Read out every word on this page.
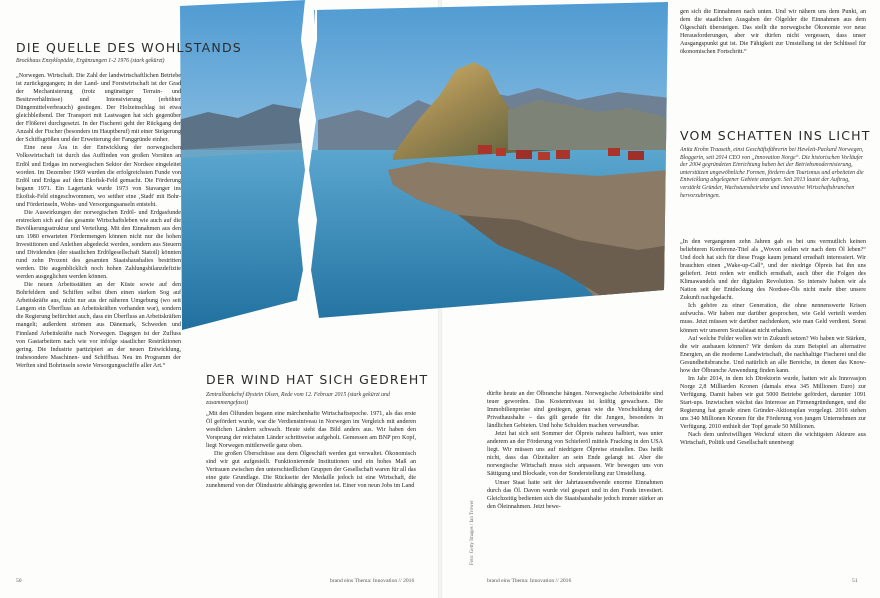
DIE QUELLE DES WOHLSTANDS
Brockhaus Enzyklopädie, Ergänzungen 1-2 1976 (stark gekürzt)

„Norwegen. Wirtschaft. Die Zahl der landwirtschaftlichen Betriebe ist zurückgegangen; in der Land- und Forstwirtschaft ist der Grad der Mechanisierung (trotz ungünstiger Terrain- und Besitzverhältnisse) und Intensivierung (erhöhter Düngemittelverbrauch) gestiegen. Der Holzeinschlag ist etwa gleichbleibend. Der Transport mit Lastwagen hat sich gegenüber der Flößerei durchgesetzt. In der Fischerei geht der Rückgang der Anzahl der Fischer (besonders im Hauptberuf) mit einer Steigerung der Schiffsgrößen und der Erweiterung der Fanggründe einher.

Eine neue Ära in der Entwicklung der norwegischen Volkswirtschaft ist durch das Auffinden von großen Vorräten an Erdöl und Erdgas im norwegischen Sektor der Nordsee eingeleitet worden. Im Dezember 1969 wurden die erfolgreichsten Funde von Erdöl und Erdgas auf dem Ekofisk-Feld gemacht. Die Förderung begann 1971. Ein Lagertank wurde 1973 von Stavanger ins Ekofisk-Feld eingeschwommen, wo seither eine ‚Stadt' mit Bohr- und Förderinseln, Wohn- und Versorgungsanseln entsteht.

Die Auswirkungen der norwegischen Erdöl- und Erdgasfunde erstrecken sich auf das gesamte Wirtschaftsleben wie auch auf die Bevölkerungsstruktur und Verteilung. Mit den Einnahmen aus den um 1980 erwarteten Fördermengen können nicht nur die hohen Investitionen und Anleihen abgedeckt werden, sondern aus Steuern und Dividenden (der staatlichen Erdölgesellschaft Statoil) könnten rund zehn Prozent des gesamten Staatshaushaltes bestritten werden. Die augenblicklich noch hohen Zahlungsbilanzdefizite werden ausgeglichen werden können.

Die neuen Arbeitsstätten an der Küste sowie auf den Bohrfeldern und Schiffen selbst üben einen starken Sog auf Arbeitskräfte aus, nicht nur aus der näheren Umgebung (wo seit Langem ein Überfluss an Arbeitskräften vorhanden war), sondern die Regierung befürchtet auch, dass ein Überfluss an Arbeitskräften mangelt; außerdem strömen aus Dänemark, Schweden und Finnland Arbeitskräfte nach Norwegen. Dagegen ist der Zufluss von Gastarbeitern nach wie vor infolge staatlicher Restriktionen gering. Die Industrie partizipiert an der neuen Entwicklung, insbesondere Maschinen- und Schiffbau. Neu im Programm der Werften sind Bohrinseln sowie Versorgungsschiffe aller Art.“

DER WIND HAT SICH GEDREHT
Zentralbankchef Øystein Olsen, Rede vom 12. Februar 2015 (stark gekürzt und zusammengefasst)

„Mit den Ölfunden begann eine märchenhafte Wirtschaftsepoche. 1971, als das erste Öl gefördert wurde, war die Verdienstniveau in Norwegen im Vergleich mit anderen westlichen Ländern schwach. Heute sieht das Bild anders aus. Wir haben den Vorsprung der reichsten Länder schrittweise aufgeholt. Gemessen am BNP pro Kopf, liegt Norwegen mittlerweile ganz oben.

Die großen Überschüsse aus dem Ölgeschäft werden gut verwaltet. Ökonomisch sind wir gut aufgestellt. Funktionierende Institutionen und ein hohes Maß an Vertrauen zwischen den unterschiedlichen Gruppen der Gesellschaft waren für all das eine gute Grundlage. Die Rückseite der Medaille jedoch ist eine Wirtschaft, die zunehmend von der Ölindustrie abhängig geworden ist. Einer von neun Jobs im Land

Foto: Getty Images / Ian Trower
50	brand eins Thema: Innovation // 2016

dürfte heute an der Ölbranche hängen. Norwegische Arbeitskräfte sind teuer geworden. Das Kostenniveau ist kräftig gewachsen. Die Immobilienpreise sind gestiegen, genau wie die Verschuldung der Privathaushalte – das gilt gerade für die Jungen, besonders in ländlichen Gebieten. Und hohe Schulden machen verwundbar.

Jetzt hat sich seit Sommer der Ölpreis nahezu halbiert, was unter anderem an der Förderung von Schieferöl mittels Fracking in den USA liegt. Wir müssen uns auf niedrigere Ölpreise einstellen. Das heißt nicht, dass das Ölzeitalter an sein Ende gelangt ist. Aber die norwegische Wirtschaft muss sich anpassen. Wir bewegen uns von Sättigung und Blockade, von der Sonderstellung zur Umstellung.

Unser Staat hatte seit der Jahrtausendwende enorme Einnahmen durch das Öl. Davon wurde viel gespart und in den Fonds investiert. Gleichzeitig bedienten sich die Staatshaushalte jedoch immer stärker an den Öleinnahmen. Jetzt bewe-

gen sich die Einnahmen nach unten. Und wir nähern uns dem Punkt, an dem die staatlichen Ausgaben der Ölgelder die Einnahmen aus dem Ölgeschäft übersteigen. Das stellt die norwegische Ökonomie vor neue Herausforderungen, aber wir dürfen nicht vergessen, dass unser Ausgangspunkt gut ist. Die Fähigkeit zur Umstellung ist der Schlüssel für ökonomischen Fortschritt.“

VOM SCHATTEN INS LICHT
Anita Krohn Traaseth, einst Geschäftsführerin bei Hewlett-Packard Norwegen, Bloggerin, seit 2014 CEO von „Innovation Norge“. Die historischen Vorläufer der 2004 gegründeten Einrichtung haben bei der Betriebsmodernisierung, unterstützen ungewöhnliche Formen, fördern den Tourismus und arbeiteten die Entwicklung abgelegener Gebiete anzeigen. Seit 2013 lautet der Auftrag, verstärkt Gründer, Wachstumsbetriebe und innovative Wirtschaftsbranchen hervorzubringen.

„In den vergangenen zehn Jahren gab es bei uns vermutlich keinen beliebteren Konferenz-Titel als „Wovon sollen wir nach dem Öl leben?“ Und doch hat sich für diese Frage kaum jemand ernsthaft interessiert. Wir brauchten einen „Wake-up-Call“, und der niedrige Ölpreis hat ihn uns geliefert. Jetzt reden wir endlich ernsthaft, auch über die Folgen des Klimawandels und der digitalen Revolution. So intensiv haben wir als Nation seit der Entdeckung des Nordsee-Öls nicht mehr über unsere Zukunft nachgedacht.

Ich gehöre zu einer Generation, die ohne nennenswerte Krisen aufwuchs. Wir haben nur darüber gesprochen, wie Geld verteilt werden muss. Jetzt müssen wir darüber nachdenken, wie man Geld verdient. Sonst können wir unseren Sozialstaat nicht erhalten.

Auf welche Felder wollen wir in Zukunft setzen? Wo haben wir Stärken, die wir ausbauen können? Wir denken da zum Beispiel an alternative Energien, an die moderne Landwirtschaft, die nachhaltige Fischerei und die Gesundheitsbranche. Und natürlich an alle Bereiche, in denen das Know-how der Ölbranche Anwendung finden kann.

Im Jahr 2014, in dem ich Direktorin wurde, hatten wir als Innovasjon Norge 2,8 Milliarden Kronen (damals etwa 345 Millionen Euro) zur Verfügung. Damit haben wir gut 5000 Betriebe gefördert, darunter 1091 Start-ups. Inzwischen wächst das Interesse an Firmengründungen, und die Regierung hat gerade einen Gründer-Aktionsplan vorgelegt. 2016 stehen uns 340 Millionen Kronen für die Förderung von jungen Unternehmen zur Verfügung. 2010 enthielt der Topf gerade 50 Millionen.

Nach dem unfreiwilligen Weckruf sitzen die wichtigsten Akteure aus Wirtschaft, Politik und Gesellschaft unentwegt

brand eins Thema: Innovation // 2016	51
